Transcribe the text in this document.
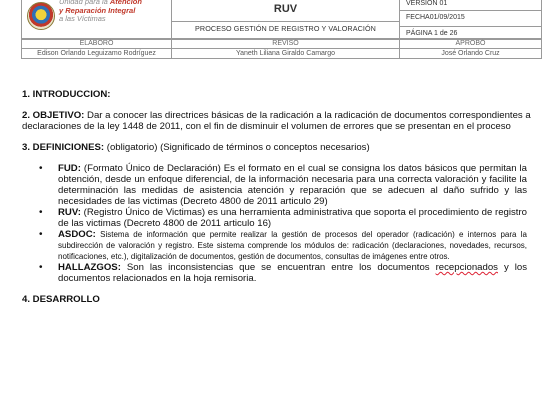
Unidad para la Atención
y Reparación Integral
a las Víctimas

RUV
PROCESO GESTIÓN DE REGISTRO Y VALORACIÓN

VERSIÓN 01
FECHA01/09/2015
PÁGINA 1 de 26
ELABORÓ	REVISÓ	APROBÓ
Edison Orlando Leguizamo Rodríguez	Yaneth Liliana Giraldo Camargo	José Orlando Cruz

1. INTRODUCCION:

2. OBJETIVO: Dar a conocer las directrices básicas de la radicación a la radicación de documentos correspondientes a declaraciones de la ley 1448 de 2011, con el fin de disminuir el volumen de errores que se presentan en el proceso

3. DEFINICIONES: (obligatorio) (Significado de términos o conceptos necesarios)

• FUD: (Formato Único de Declaración) Es el formato en el cual se consigna los datos básicos que permitan la obtención, desde un enfoque diferencial, de la información necesaria para una correcta valoración y facilite la determinación las medidas de asistencia atención y reparación que se adecuen al daño sufrido y las necesidades de las victimas (Decreto 4800 de 2011 articulo 29)
• RUV: (Registro Único de Victimas) es una herramienta administrativa que soporta el procedimiento de registro de las victimas (Decreto 4800 de 2011 articulo 16)
• ASDOC: Sistema de información que permite realizar la gestión de procesos del operador (radicación) e internos para la subdirección de valoración y registro. Este sistema comprende los módulos de: radicación (declaraciones, novedades, recursos, notificaciones, etc.), digitalización de documentos, gestión de documentos, consultas de imágenes entre otros.
• HALLAZGOS: Son las inconsistencias que se encuentran entre los documentos recepcionados y los documentos relacionados en la hoja remisoria.

4. DESARROLLO
